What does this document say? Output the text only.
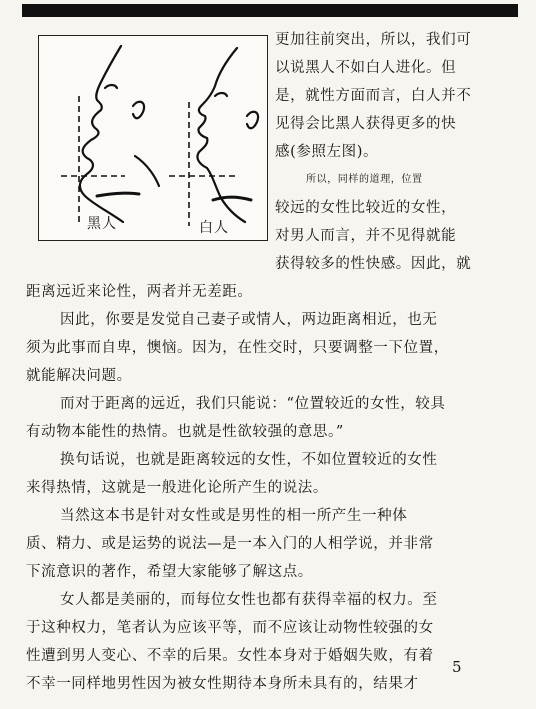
黑人	白人
更加往前突出，所以，我们可
以说黑人不如白人进化。但
是，就性方面而言，白人并不
见得会比黑人获得更多的快
感(参照左图)。
所以，同样的道理，位置
较远的女性比较近的女性，
对男人而言，并不见得就能
获得较多的性快感。因此，就
距离远近来论性，两者并无差距。
因此，你要是发觉自己妻子或情人，两边距离相近，也无
须为此事而自卑，懊恼。因为，在性交时，只要调整一下位置，
就能解决问题。
而对于距离的远近，我们只能说：“位置较近的女性，较具
有动物本能性的热情。也就是性欲较强的意思。”
换句话说，也就是距离较远的女性，不如位置较近的女性
来得热情，这就是一般进化论所产生的说法。
当然这本书是针对女性或是男性的相一所产生一种体
质、精力、或是运势的说法—是一本入门的人相学说，并非常
下流意识的著作，希望大家能够了解这点。
女人都是美丽的，而每位女性也都有获得幸福的权力。至
于这种权力，笔者认为应该平等，而不应该让动物性较强的女
性遭到男人变心、不幸的后果。女性本身对于婚姻失败，有着
不幸一同样地男性因为被女性期待本身所未具有的，结果才
5
